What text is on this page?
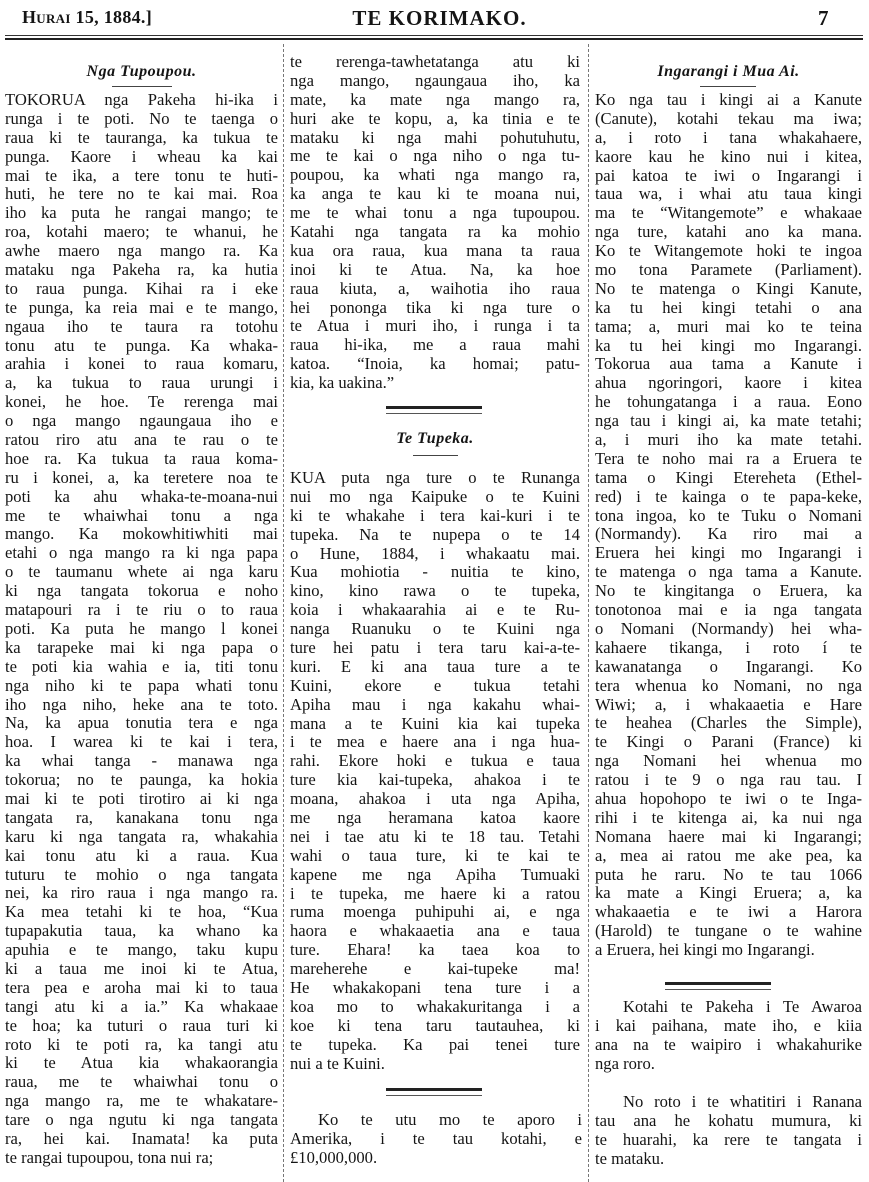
Hurai 15, 1884.]	TE KORIMAKO.	7
Nga Tupoupou.
TOKORUA nga Pakeha hi-ika i
runga i te poti. No te taenga o
raua ki te tauranga, ka tukua te
punga. Kaore i wheau ka kai
mai te ika, a tere tonu te huti-
huti, he tere no te kai mai. Roa
iho ka puta he rangai mango; te
roa, kotahi maero; te whanui, he
awhe maero nga mango ra. Ka
mataku nga Pakeha ra, ka hutia
to raua punga. Kihai ra i eke
te punga, ka reia mai e te mango,
ngaua iho te taura ra totohu
tonu atu te punga. Ka whaka-
arahia i konei to raua komaru,
a, ka tukua to raua urungi i
konei, he hoe. Te rerenga mai
o nga mango ngaungaua iho e
ratou riro atu ana te rau o te
hoe ra. Ka tukua ta raua koma-
ru i konei, a, ka teretere noa te
poti ka ahu whaka-te-moana-nui
me te whaiwhai tonu a nga
mango. Ka mokowhitiwhiti mai
etahi o nga mango ra ki nga papa
o te taumanu whete ai nga karu
ki nga tangata tokorua e noho
matapouri ra i te riu o to raua
poti. Ka puta he mango l konei
ka tarapeke mai ki nga papa o
te poti kia wahia e ia, titi tonu
nga niho ki te papa whati tonu
iho nga niho, heke ana te toto.
Na, ka apua tonutia tera e nga
hoa. I warea ki te kai i tera,
ka whai tanga - manawa nga
tokorua; no te paunga, ka hokia
mai ki te poti tirotiro ai ki nga
tangata ra, kanakana tonu nga
karu ki nga tangata ra, whakahia
kai tonu atu ki a raua. Kua
tuturu te mohio o nga tangata
nei, ka riro raua i nga mango ra.
Ka mea tetahi ki te hoa, “Kua
tupapakutia taua, ka whano ka
apuhia e te mango, taku kupu
ki a taua me inoi ki te Atua,
tera pea e aroha mai ki to taua
tangi atu ki a ia.” Ka whakaae
te hoa; ka tuturi o raua turi ki
roto ki te poti ra, ka tangi atu
ki te Atua kia whakaorangia
raua, me te whaiwhai tonu o
nga mango ra, me te whakatare-
tare o nga ngutu ki nga tangata
ra, hei kai. Inamata! ka puta
te rangai tupoupou, tona nui ra;
te rerenga-tawhetatanga atu ki
nga mango, ngaungaua iho, ka
mate, ka mate nga mango ra,
huri ake te kopu, a, ka tinia e te
mataku ki nga mahi pohutuhutu,
me te kai o nga niho o nga tu-
poupou, ka whati nga mango ra,
ka anga te kau ki te moana nui,
me te whai tonu a nga tupoupou.
Katahi nga tangata ra ka mohio
kua ora raua, kua mana ta raua
inoi ki te Atua. Na, ka hoe
raua kiuta, a, waihotia iho raua
hei pononga tika ki nga ture o
te Atua i muri iho, i runga i ta
raua hi-ika, me a raua mahi
katoa. “Inoia, ka homai; patu-
kia, ka uakina.”
Te Tupeka.
KUA puta nga ture o te Runanga
nui mo nga Kaipuke o te Kuini
ki te whakahe i tera kai-kuri i te
tupeka. Na te nupepa o te 14
o Hune, 1884, i whakaatu mai.
Kua mohiotia - nuitia te kino,
kino, kino rawa o te tupeka,
koia i whakaarahia ai e te Ru-
nanga Ruanuku o te Kuini nga
ture hei patu i tera taru kai-a-te-
kuri. E ki ana taua ture a te
Kuini, ekore e tukua tetahi
Apiha mau i nga kakahu whai-
mana a te Kuini kia kai tupeka
i te mea e haere ana i nga hua-
rahi. Ekore hoki e tukua e taua
ture kia kai-tupeka, ahakoa i te
moana, ahakoa i uta nga Apiha,
me nga heramana katoa kaore
nei i tae atu ki te 18 tau. Tetahi
wahi o taua ture, ki te kai te
kapene me nga Apiha Tumuaki
i te tupeka, me haere ki a ratou
ruma moenga puhipuhi ai, e nga
haora e whakaaetia ana e taua
ture. Ehara! ka taea koa to
mareherehe e kai-tupeke ma!
He whakakopani tena ture i a
koa mo to whakakuritanga i a
koe ki tena taru tautauhea, ki
te tupeka. Ka pai tenei ture
nui a te Kuini.
Ko te utu mo te aporo i
Amerika, i te tau kotahi, e
£10,000,000.
Ingarangi i Mua Ai.
Ko nga tau i kingi ai a Kanute
(Canute), kotahi tekau ma iwa;
a, i roto i tana whakahaere,
kaore kau he kino nui i kitea,
pai katoa te iwi o Ingarangi i
taua wa, i whai atu taua kingi
ma te “Witangemote” e whakaae
nga ture, katahi ano ka mana.
Ko te Witangemote hoki te ingoa
mo tona Paramete (Parliament).
No te matenga o Kingi Kanute,
ka tu hei kingi tetahi o ana
tama; a, muri mai ko te teina
ka tu hei kingi mo Ingarangi.
Tokorua aua tama a Kanute i
ahua ngoringori, kaore i kitea
he tohungatanga i a raua. Eono
nga tau i kingi ai, ka mate tetahi;
a, i muri iho ka mate tetahi.
Tera te noho mai ra a Eruera te
tama o Kingi Etereheta (Ethel-
red) i te kainga o te papa-keke,
tona ingoa, ko te Tuku o Nomani
(Normandy). Ka riro mai a
Eruera hei kingi mo Ingarangi i
te matenga o nga tama a Kanute.
No te kingitanga o Eruera, ka
tonotonoa mai e ia nga tangata
o Nomani (Normandy) hei wha-
kahaere tikanga, i roto í te
kawanatanga o Ingarangi. Ko
tera whenua ko Nomani, no nga
Wiwi; a, i whakaaetia e Hare
te heahea (Charles the Simple),
te Kingi o Parani (France) ki
nga Nomani hei whenua mo
ratou i te 9 o nga rau tau. I
ahua hopohopo te iwi o te Inga-
rihi i te kitenga ai, ka nui nga
Nomana haere mai ki Ingarangi;
a, mea ai ratou me ake pea, ka
puta he raru. No te tau 1066
ka mate a Kingi Eruera; a, ka
whakaaetia e te iwi a Harora
(Harold) te tungane o te wahine
a Eruera, hei kingi mo Ingarangi.
Kotahi te Pakeha i Te Awaroa
i kai paihana, mate iho, e kiia
ana na te waipiro i whakahurike
nga roro.
No roto i te whatitiri i Ranana
tau ana he kohatu mumura, ki
te huarahi, ka rere te tangata i
te mataku.
